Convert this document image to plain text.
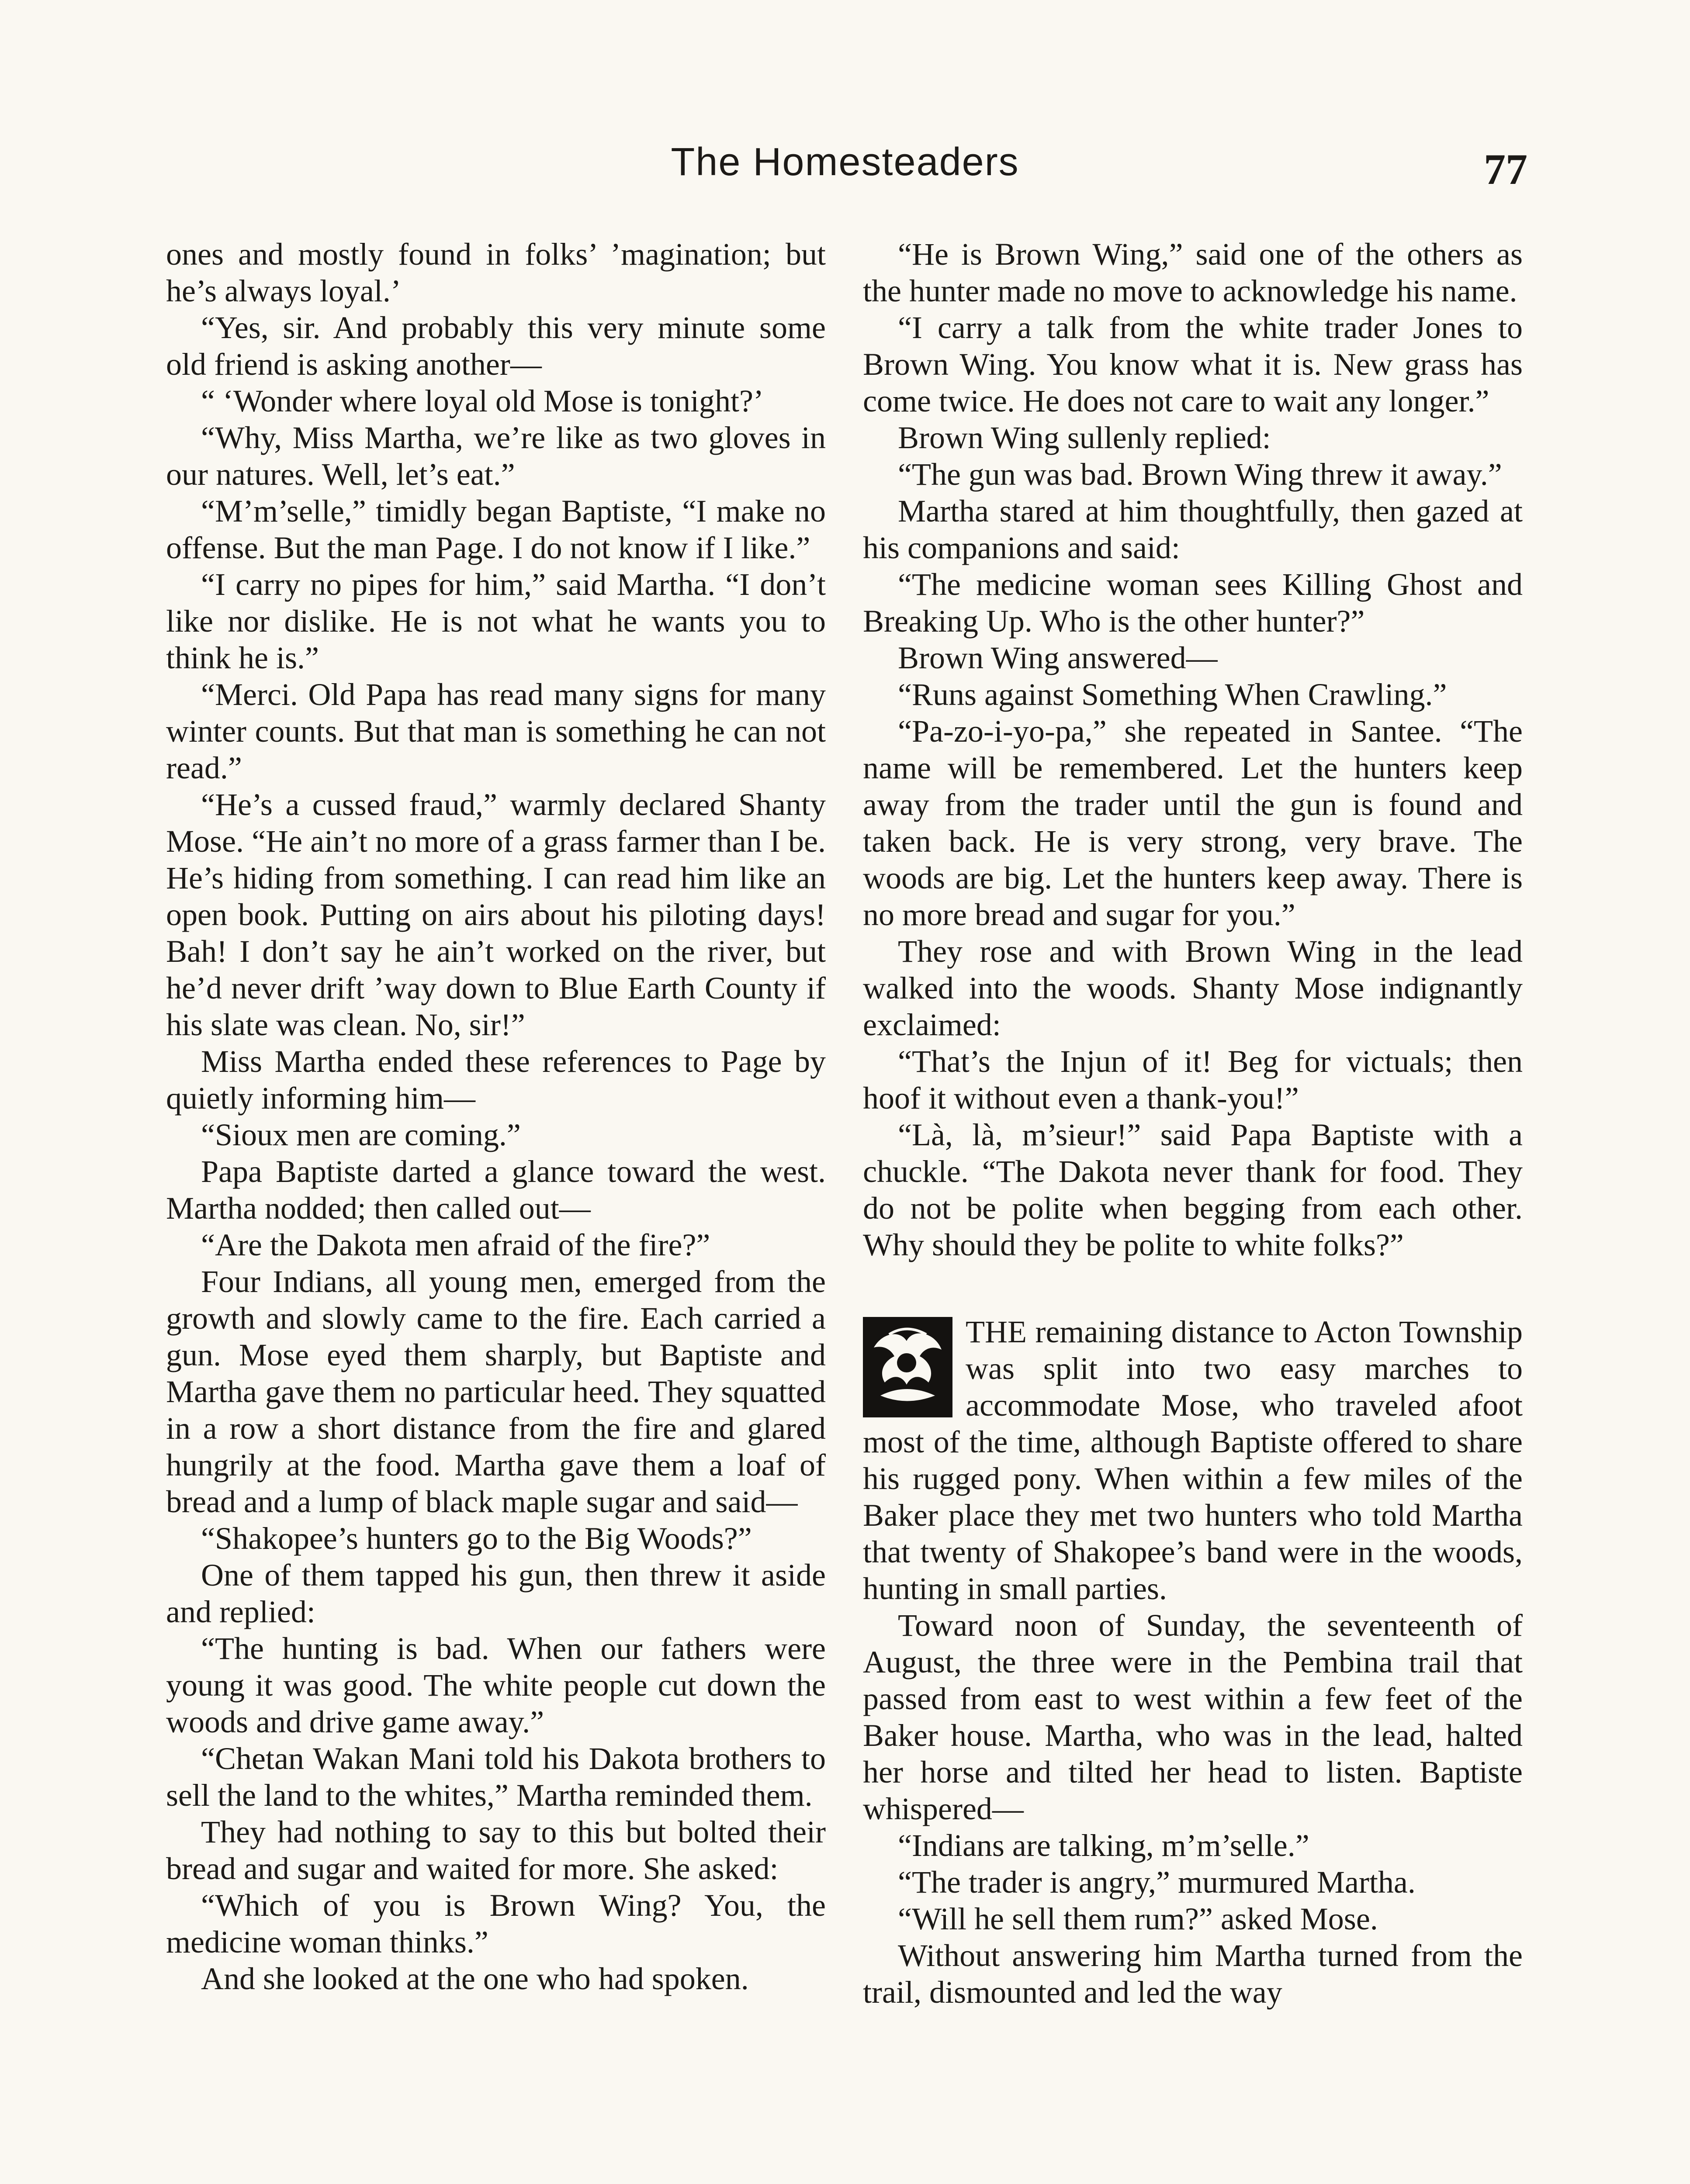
The Homesteaders	77

ones and mostly found in folks’ ’magination; but he’s always loyal.’

“Yes, sir. And probably this very minute some old friend is asking another—

“ ‘Wonder where loyal old Mose is tonight?’

“Why, Miss Martha, we’re like as two gloves in our natures. Well, let’s eat.”

“M’m’selle,” timidly began Baptiste, “I make no offense. But the man Page. I do not know if I like.”

“I carry no pipes for him,” said Martha. “I don’t like nor dislike. He is not what he wants you to think he is.”

“Merci. Old Papa has read many signs for many winter counts. But that man is something he can not read.”

“He’s a cussed fraud,” warmly declared Shanty Mose. “He ain’t no more of a grass farmer than I be. He’s hiding from something. I can read him like an open book. Putting on airs about his piloting days! Bah! I don’t say he ain’t worked on the river, but he’d never drift ’way down to Blue Earth County if his slate was clean. No, sir!”

Miss Martha ended these references to Page by quietly informing him—

“Sioux men are coming.”

Papa Baptiste darted a glance toward the west. Martha nodded; then called out—

“Are the Dakota men afraid of the fire?”

Four Indians, all young men, emerged from the growth and slowly came to the fire. Each carried a gun. Mose eyed them sharply, but Baptiste and Martha gave them no particular heed. They squatted in a row a short distance from the fire and glared hungrily at the food. Martha gave them a loaf of bread and a lump of black maple sugar and said—

“Shakopee’s hunters go to the Big Woods?”

One of them tapped his gun, then threw it aside and replied:

“The hunting is bad. When our fathers were young it was good. The white people cut down the woods and drive game away.”

“Chetan Wakan Mani told his Dakota brothers to sell the land to the whites,” Martha reminded them.

They had nothing to say to this but bolted their bread and sugar and waited for more. She asked:

“Which of you is Brown Wing? You, the medicine woman thinks.”

And she looked at the one who had spoken.

“He is Brown Wing,” said one of the others as the hunter made no move to acknowledge his name.

“I carry a talk from the white trader Jones to Brown Wing. You know what it is. New grass has come twice. He does not care to wait any longer.”

Brown Wing sullenly replied:

“The gun was bad. Brown Wing threw it away.”

Martha stared at him thoughtfully, then gazed at his companions and said:

“The medicine woman sees Killing Ghost and Breaking Up. Who is the other hunter?”

Brown Wing answered—

“Runs against Something When Crawling.”

“Pa-zo-i-yo-pa,” she repeated in Santee. “The name will be remembered. Let the hunters keep away from the trader until the gun is found and taken back. He is very strong, very brave. The woods are big. Let the hunters keep away. There is no more bread and sugar for you.”

They rose and with Brown Wing in the lead walked into the woods. Shanty Mose indignantly exclaimed:

“That’s the Injun of it! Beg for victuals; then hoof it without even a thank-you!”

“Là, là, m’sieur!” said Papa Baptiste with a chuckle. “The Dakota never thank for food. They do not be polite when begging from each other. Why should they be polite to white folks?”

THE remaining distance to Acton Township was split into two easy marches to accommodate Mose, who traveled afoot most of the time, although Baptiste offered to share his rugged pony. When within a few miles of the Baker place they met two hunters who told Martha that twenty of Shakopee’s band were in the woods, hunting in small parties.

Toward noon of Sunday, the seventeenth of August, the three were in the Pembina trail that passed from east to west within a few feet of the Baker house. Martha, who was in the lead, halted her horse and tilted her head to listen. Baptiste whispered—

“Indians are talking, m’m’selle.”

“The trader is angry,” murmured Martha.

“Will he sell them rum?” asked Mose.

Without answering him Martha turned from the trail, dismounted and led the way
